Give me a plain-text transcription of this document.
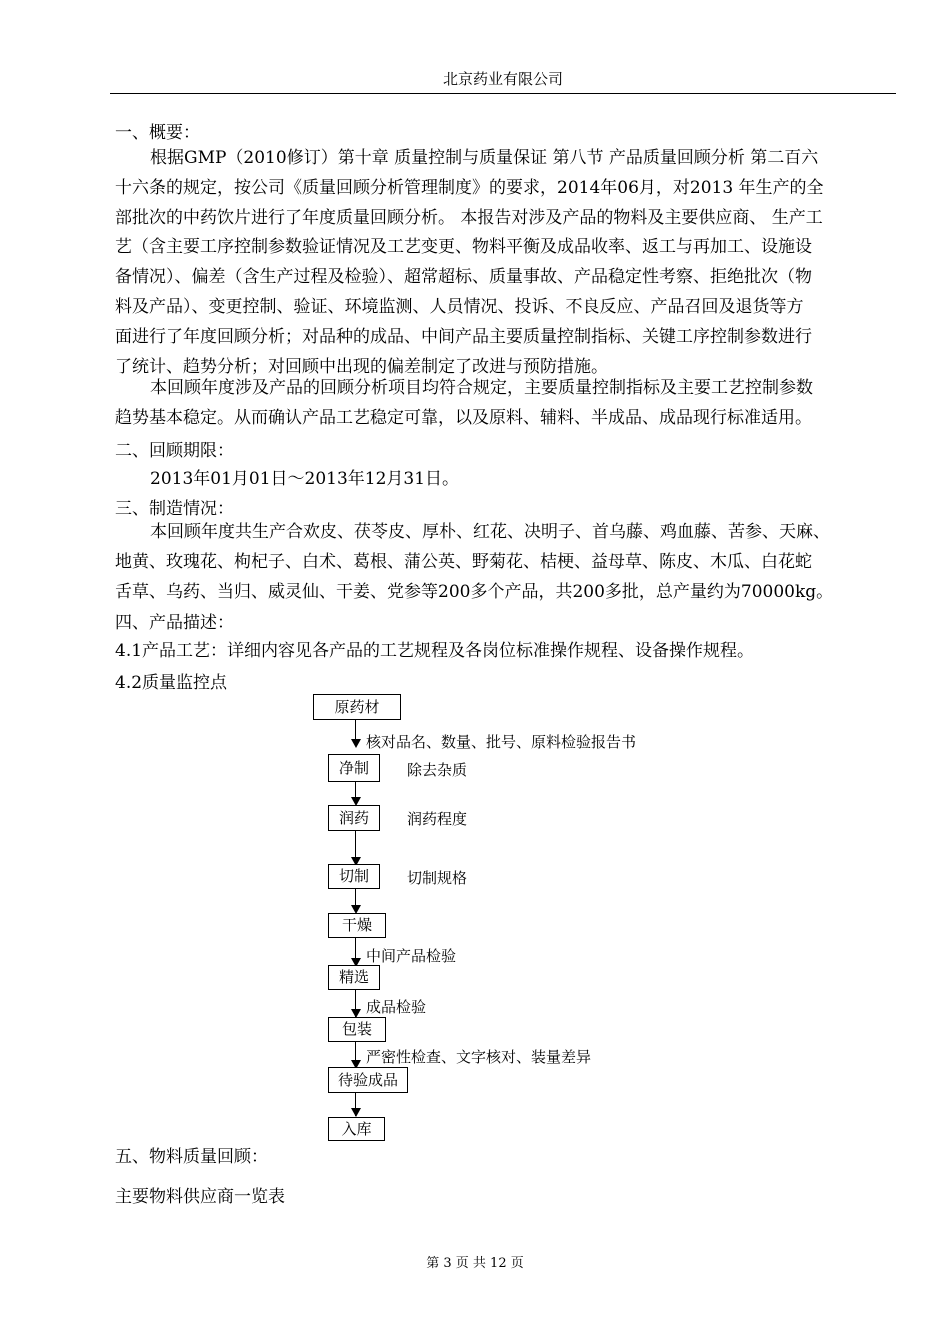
北京药业有限公司
一、概要：
根据GMP（2010修订）第十章 质量控制与质量保证 第八节 产品质量回顾分析 第二百六
十六条的规定，按公司《质量回顾分析管理制度》的要求，2014年06月，对2013 年生产的全
部批次的中药饮片进行了年度质量回顾分析。 本报告对涉及产品的物料及主要供应商、 生产工
艺（含主要工序控制参数验证情况及工艺变更、物料平衡及成品收率、返工与再加工、设施设
备情况）、偏差（含生产过程及检验）、超常超标、质量事故、产品稳定性考察、拒绝批次（物
料及产品）、变更控制、验证、环境监测、人员情况、投诉、不良反应、产品召回及退货等方
面进行了年度回顾分析；对品种的成品、中间产品主要质量控制指标、关键工序控制参数进行
了统计、趋势分析；对回顾中出现的偏差制定了改进与预防措施。
本回顾年度涉及产品的回顾分析项目均符合规定，主要质量控制指标及主要工艺控制参数
趋势基本稳定。从而确认产品工艺稳定可靠，以及原料、辅料、半成品、成品现行标准适用。
二、回顾期限：
2013年01月01日～2013年12月31日。
三、制造情况：
本回顾年度共生产合欢皮、茯苓皮、厚朴、红花、决明子、首乌藤、鸡血藤、苦参、天麻、
地黄、玫瑰花、枸杞子、白术、葛根、蒲公英、野菊花、桔梗、益母草、陈皮、木瓜、白花蛇
舌草、乌药、当归、威灵仙、干姜、党参等200多个产品，共200多批，总产量约为70000kg。
四、产品描述：
4.1产品工艺：详细内容见各产品的工艺规程及各岗位标准操作规程、设备操作规程。
4.2质量监控点
原药材
净制
润药
切制
干燥
精选
包装
待验成品
入库
核对品名、数量、批号、原料检验报告书
除去杂质
润药程度
切制规格
中间产品检验
成品检验
严密性检查、文字核对、装量差异
五、物料质量回顾：
主要物料供应商一览表
第 3 页 共 12 页
